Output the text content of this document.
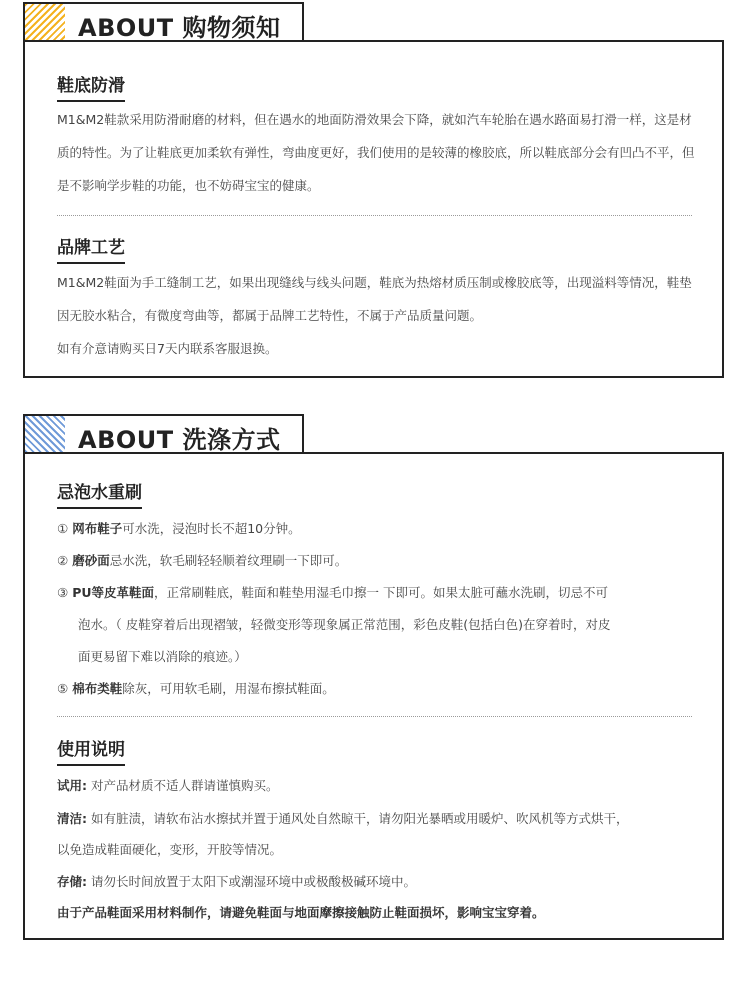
ABOUT 购物须知
鞋底防滑

M1&M2鞋款采用防滑耐磨的材料，但在遇水的地面防滑效果会下降，就如汽车轮胎在遇水路面易打滑一样，这是材质的特性。为了让鞋底更加柔软有弹性，弯曲度更好，我们使用的是较薄的橡胶底，所以鞋底部分会有凹凸不平，但是不影响学步鞋的功能，也不妨碍宝宝的健康。

品牌工艺

M1&M2鞋面为手工缝制工艺，如果出现缝线与线头问题，鞋底为热熔材质压制或橡胶底等，出现溢料等情况，鞋垫因无胶水粘合，有微度弯曲等，都属于品牌工艺特性，不属于产品质量问题。

如有介意请购买日7天内联系客服退换。

ABOUT 洗涤方式
忌泡水重刷
① 网布鞋子可水洗，浸泡时长不超10分钟。
② 磨砂面忌水洗，软毛刷轻轻顺着纹理刷一下即可。
③ PU等皮革鞋面，正常刷鞋底，鞋面和鞋垫用湿毛巾擦一 下即可。如果太脏可蘸水洗刷，切忌不可
泡水。（ 皮鞋穿着后出现褶皱，轻微变形等现象属正常范围，彩色皮鞋(包括白色)在穿着时，对皮
面更易留下难以消除的痕迹。）
⑤ 棉布类鞋除灰，可用软毛刷，用湿布擦拭鞋面。
使用说明
试用: 对产品材质不适人群请谨慎购买。
清洁: 如有脏渍，请软布沾水擦拭并置于通风处自然晾干，请勿阳光暴晒或用暖炉、吹风机等方式烘干，
以免造成鞋面硬化，变形，开胶等情况。
存储: 请勿长时间放置于太阳下或潮湿环境中或极酸极碱环境中。
由于产品鞋面采用材料制作，请避免鞋面与地面摩擦接触防止鞋面损坏，影响宝宝穿着。
